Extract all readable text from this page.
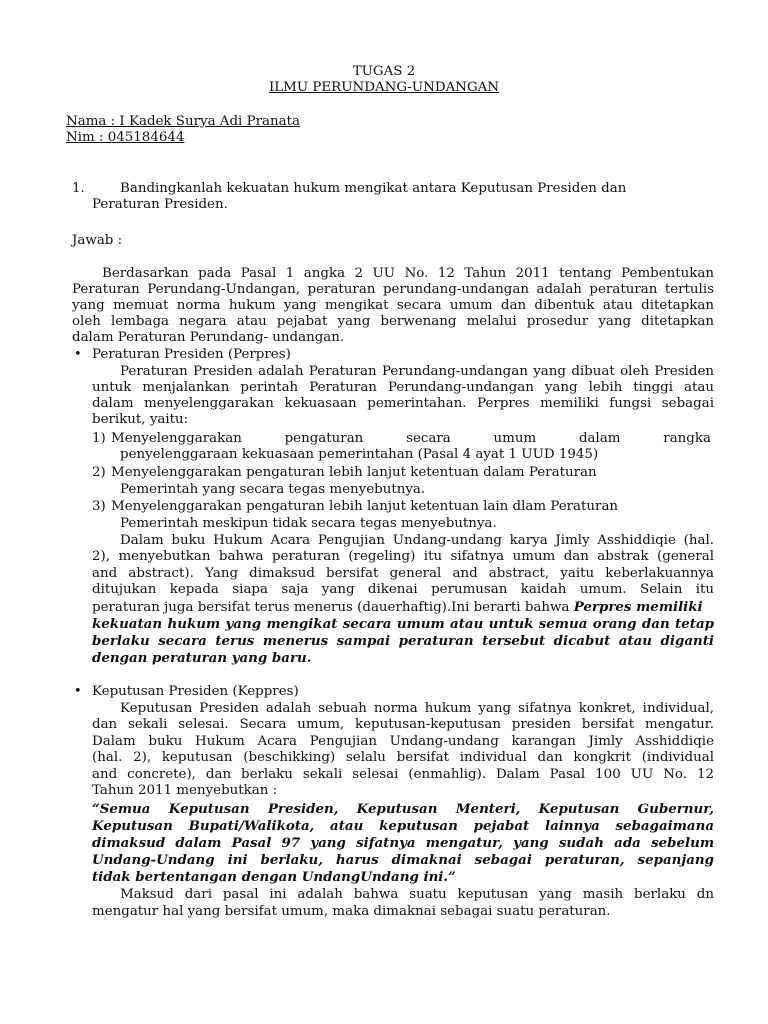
TUGAS 2
ILMU PERUNDANG-UNDANGAN
Nama : I Kadek Surya Adi Pranata
Nim : 045184644
1.	Bandingkanlah kekuatan hukum mengikat antara Keputusan Presiden dan
Peraturan Presiden.
Jawab :
Berdasarkan pada Pasal 1 angka 2 UU No. 12 Tahun 2011 tentang Pembentukan
Peraturan Perundang-Undangan, peraturan perundang-undangan adalah peraturan tertulis
yang memuat norma hukum yang mengikat secara umum dan dibentuk atau ditetapkan
oleh lembaga negara atau pejabat yang berwenang melalui prosedur yang ditetapkan
dalam Peraturan Perundang- undangan.
• Peraturan Presiden (Perpres)
Peraturan Presiden adalah Peraturan Perundang-undangan yang dibuat oleh Presiden
untuk menjalankan perintah Peraturan Perundang-undangan yang lebih tinggi atau
dalam menyelenggarakan kekuasaan pemerintahan. Perpres memiliki fungsi sebagai
berikut, yaitu:
1) Menyelenggarakan	pengaturan	secara	umum	dalam	rangka
penyelenggaraan kekuasaan pemerintahan (Pasal 4 ayat 1 UUD 1945)
2) Menyelenggarakan pengaturan lebih lanjut ketentuan dalam Peraturan
Pemerintah yang secara tegas menyebutnya.
3) Menyelenggarakan pengaturan lebih lanjut ketentuan lain dlam Peraturan
Pemerintah meskipun tidak secara tegas menyebutnya.
Dalam buku Hukum Acara Pengujian Undang-undang karya Jimly Asshiddiqie (hal.
2), menyebutkan bahwa peraturan (regeling) itu sifatnya umum dan abstrak (general
and abstract). Yang dimaksud bersifat general and abstract, yaitu keberlakuannya
ditujukan kepada siapa saja yang dikenai perumusan kaidah umum. Selain itu
peraturan juga bersifat terus menerus (dauerhaftig).Ini berarti bahwa Perpres memiliki
kekuatan hukum yang mengikat secara umum atau untuk semua orang dan tetap
berlaku secara terus menerus sampai peraturan tersebut dicabut atau diganti
dengan peraturan yang baru.
• Keputusan Presiden (Keppres)
Keputusan Presiden adalah sebuah norma hukum yang sifatnya konkret, individual,
dan sekali selesai. Secara umum, keputusan-keputusan presiden bersifat mengatur.
Dalam buku Hukum Acara Pengujian Undang-undang karangan Jimly Asshiddiqie
(hal. 2), keputusan (beschikking) selalu bersifat individual dan kongkrit (individual
and concrete), dan berlaku sekali selesai (enmahlig). Dalam Pasal 100 UU No. 12
Tahun 2011 menyebutkan :
“Semua Keputusan Presiden, Keputusan Menteri, Keputusan Gubernur,
Keputusan Bupati/Walikota, atau keputusan pejabat lainnya sebagaimana
dimaksud dalam Pasal 97 yang sifatnya mengatur, yang sudah ada sebelum
Undang-Undang ini berlaku, harus dimaknai sebagai peraturan, sepanjang
tidak bertentangan dengan UndangUndang ini.”
Maksud dari pasal ini adalah bahwa suatu keputusan yang masih berlaku dn
mengatur hal yang bersifat umum, maka dimaknai sebagai suatu peraturan.
